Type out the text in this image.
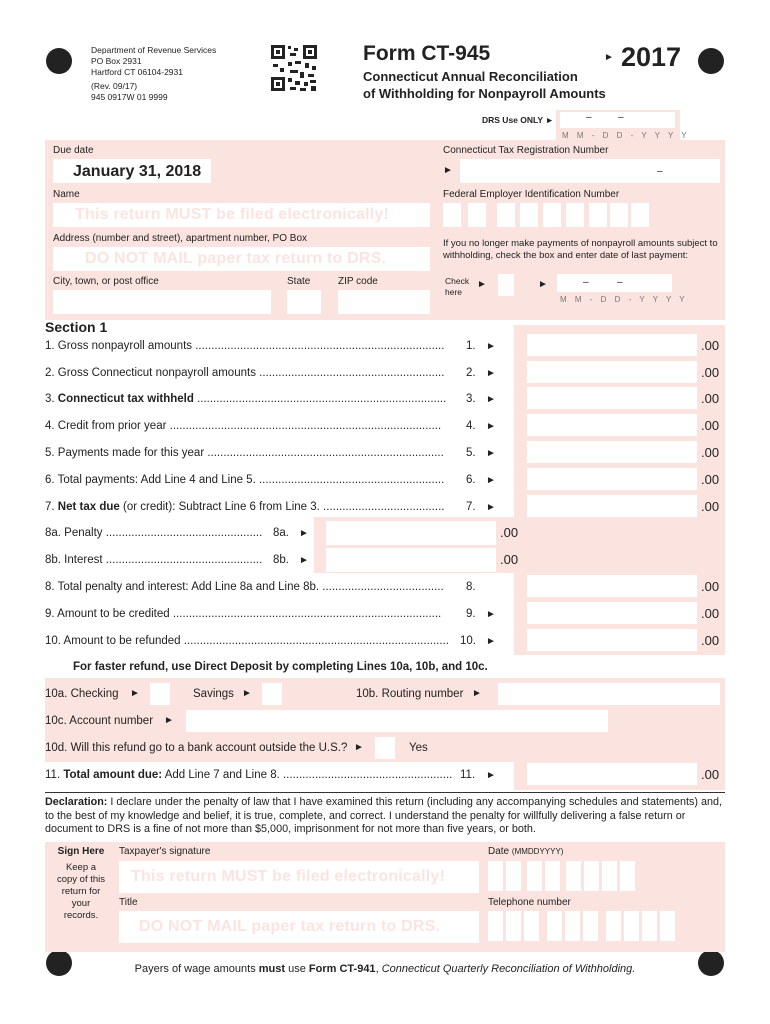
Department of Revenue Services
PO Box 2931
Hartford CT 06104-2931
(Rev. 09/17)
945 0917W 01 9999
Form CT-945	► 2017
Connecticut Annual Reconciliation
of Withholding for Nonpayroll Amounts
DRS Use ONLY ►	–	–
M M - D D - Y Y Y Y
Due date
January 31, 2018
Connecticut Tax Registration Number
►	–
Name
This return MUST be filed electronically!
Federal Employer Identification Number
Address (number and street), apartment number, PO Box
DO NOT MAIL paper tax return to DRS.
If you no longer make payments of nonpayroll amounts subject to withholding, check the box and enter date of last payment:
City, town, or post office	State	ZIP code	Check here
►	►	–	–
M M - D D - Y Y Y Y
Section 1
1. Gross nonpayroll amounts ..............................................................................	1. ►	.00
2. Gross Connecticut nonpayroll amounts ..........................................................	2. ►	.00
3. Connecticut tax withheld ..............................................................................	3. ►	.00
4. Credit from prior year .....................................................................................	4. ►	.00
5. Payments made for this year ..........................................................................	5. ►	.00
6. Total payments: Add Line 4 and Line 5. ..........................................................	6. ►	.00
7. Net tax due (or credit): Subtract Line 6 from Line 3. ......................................	7. ►	.00
8. Total penalty and interest: Add Line 8a and Line 8b. ......................................	8.	.00
9. Amount to be credited ....................................................................................	9. ►	.00
10. Amount to be refunded ................................................................................... 10. ►	.00
8a. Penalty ................................................. 8a. ►	.00
8b. Interest ................................................. 8b. ►	.00
For faster refund, use Direct Deposit by completing Lines 10a, 10b, and 10c.
10a. Checking ►	Savings ►	10b. Routing number ►
10c. Account number ►
10d. Will this refund go to a bank account outside the U.S.? ►	Yes
11. Total amount due: Add Line 7 and Line 8. ..................................................... 11. ►	.00
Declaration: I declare under the penalty of law that I have examined this return (including any accompanying schedules and statements) and, to the best of my knowledge and belief, it is true, complete, and correct. I understand the penalty for willfully delivering a false return or document to DRS is a fine of not more than $5,000, imprisonment for not more than five years, or both.
Sign Here
Keep a copy of this return for your records.
Taxpayer's signature
This return MUST be filed electronically!
Date (MMDDYYYY)
Title
DO NOT MAIL paper tax return to DRS.
Telephone number
Payers of wage amounts must use Form CT-941, Connecticut Quarterly Reconciliation of Withholding.
